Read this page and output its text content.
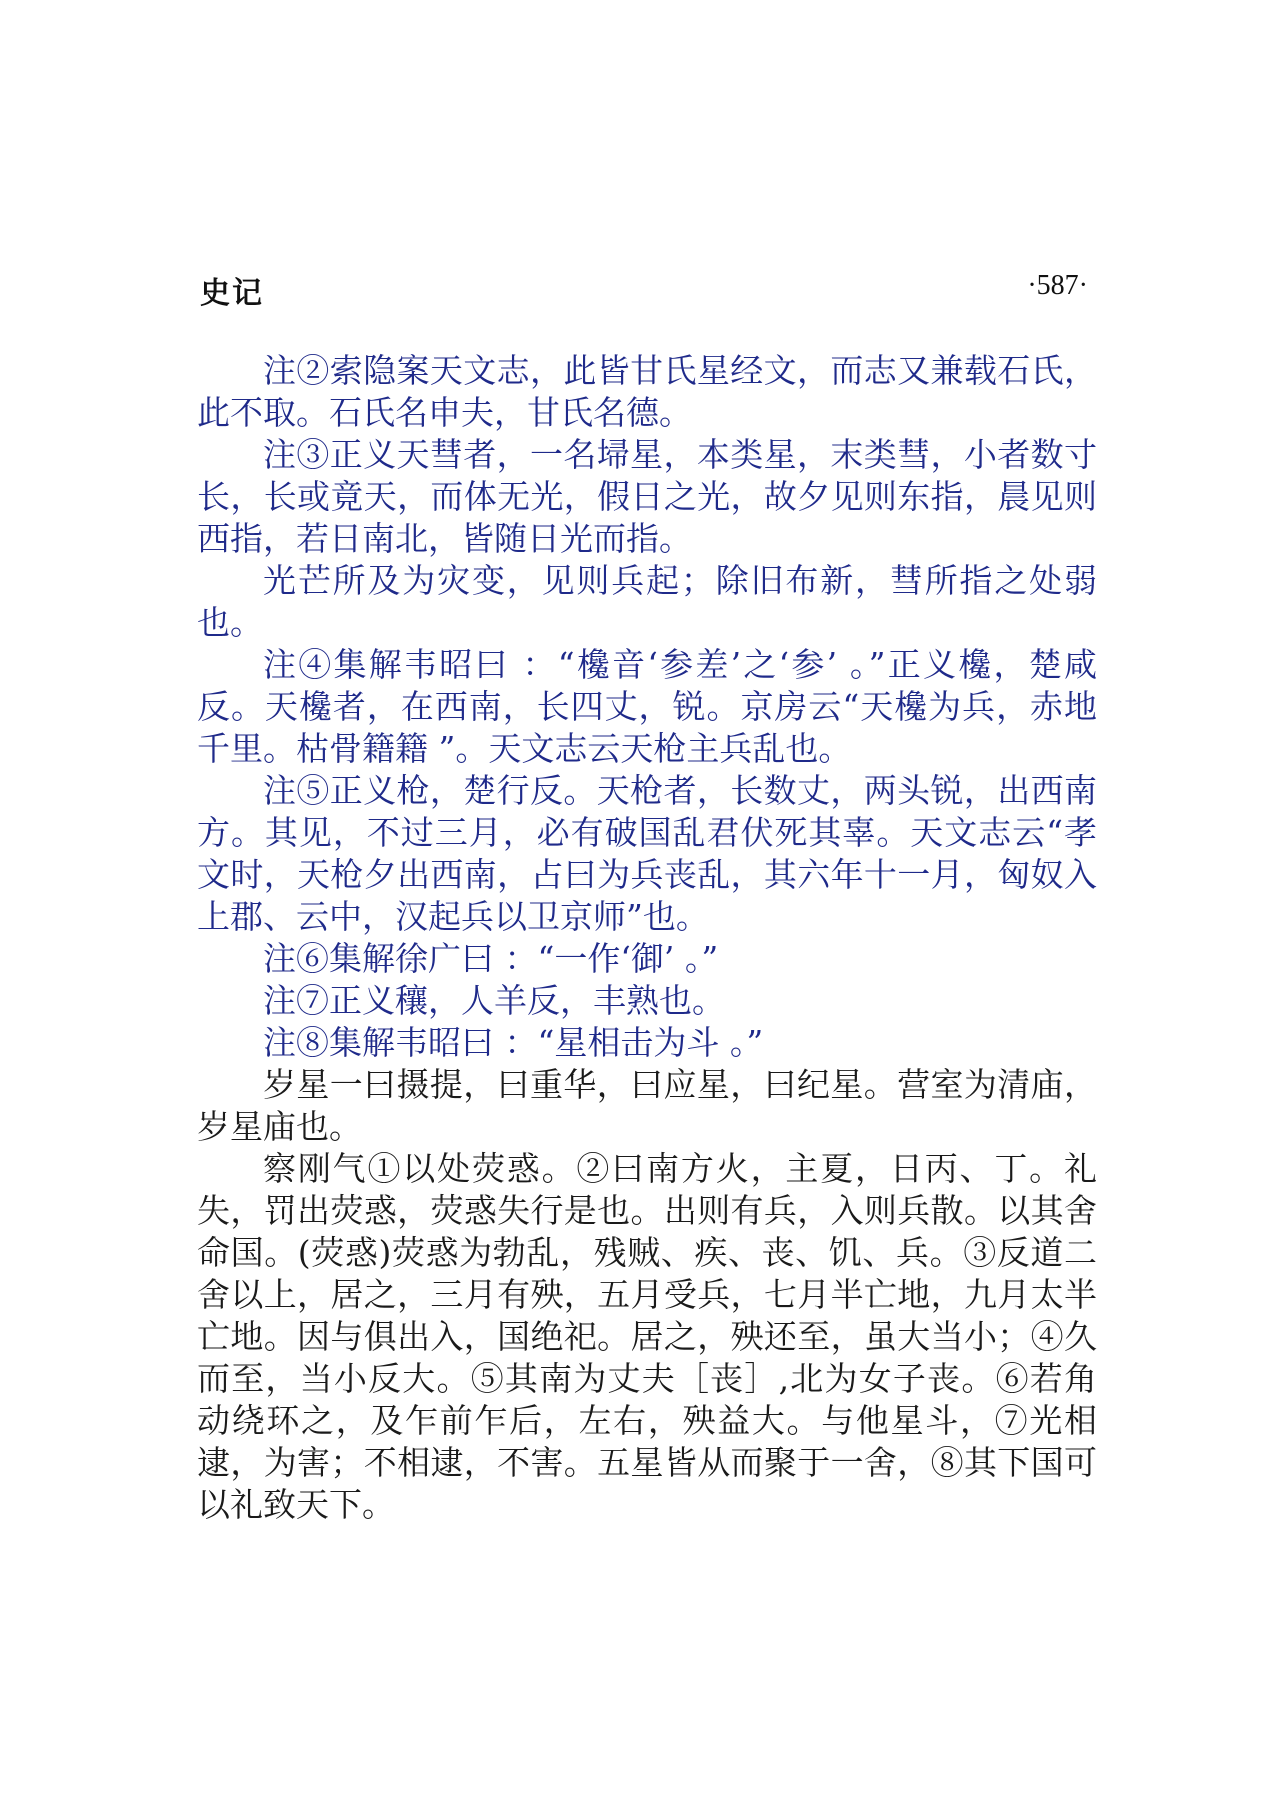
史记	·587·

注②索隐案天文志，此皆甘氏星经文，而志又兼载石氏，此不取。石氏名申夫，甘氏名德。

注③正义天彗者，一名埽星，本类星，末类彗，小者数寸长，长或竟天，而体无光，假日之光，故夕见则东指，晨见则西指，若日南北，皆随日光而指。

光芒所及为灾变，见则兵起；除旧布新，彗所指之处弱也。

注④集解韦昭曰 ：“欃音‘参差’之‘参’ 。”正义欃，楚咸反。天欃者，在西南，长四丈，锐。京房云“天欃为兵，赤地千里。枯骨籍籍 ”。天文志云天枪主兵乱也。

注⑤正义枪，楚行反。天枪者，长数丈，两头锐，出西南方。其见，不过三月，必有破国乱君伏死其辜。天文志云“孝文时，天枪夕出西南，占曰为兵丧乱，其六年十一月，匈奴入上郡、云中，汉起兵以卫京师”也。

注⑥集解徐广曰 ：“一作‘御’ 。”

注⑦正义穰，人羊反，丰熟也。

注⑧集解韦昭曰 ：“星相击为斗 。”

岁星一曰摄提，曰重华，曰应星，曰纪星。营室为清庙，岁星庙也。

察刚气①以处荧惑。②曰南方火，主夏，日丙、丁。礼失，罚出荧惑，荧惑失行是也。出则有兵，入则兵散。以其舍命国。(荧惑)荧惑为勃乱，残贼、疾、丧、饥、兵。③反道二舍以上，居之，三月有殃，五月受兵，七月半亡地，九月太半亡地。因与俱出入，国绝祀。居之，殃还至，虽大当小；④久而至，当小反大。⑤其南为丈夫［丧］,北为女子丧。⑥若角动绕环之，及乍前乍后，左右，殃益大。与他星斗，⑦光相逮，为害；不相逮，不害。五星皆从而聚于一舍，⑧其下国可以礼致天下。
